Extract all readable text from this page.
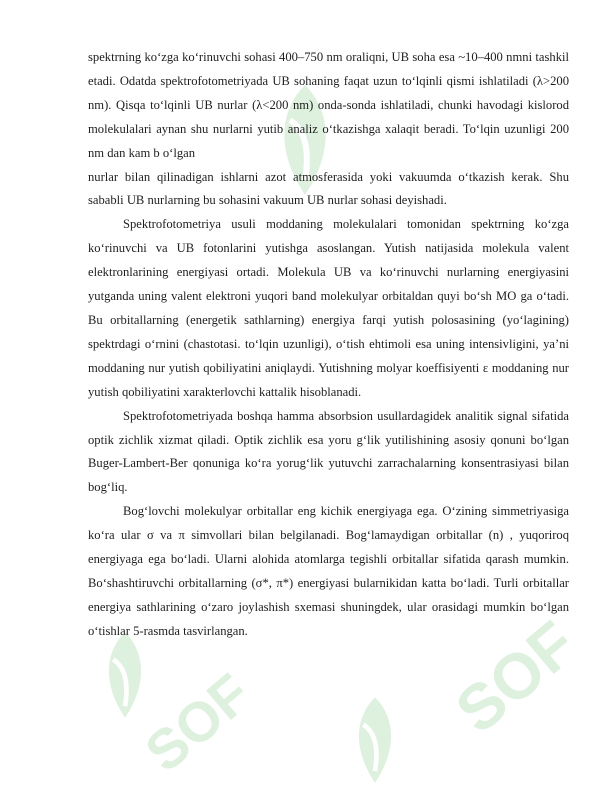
SOF
SOF

spektrning ko‘zga ko‘rinuvchi sohasi 400–750 nm oraliqni, UB soha esa ~10–400 nmni tashkil etadi. Odatda spektrofotometriyada UB sohaning faqat uzun to‘lqinli qismi ishlatiladi (λ>200 nm). Qisqa to‘lqinli UB nurlar (λ<200 nm) onda-sonda ishlatiladi, chunki havodagi kislorod molekulalari aynan shu nurlarni yutib analiz o‘tkazishga xalaqit beradi. To‘lqin uzunligi 200 nm dan kam b o‘lgan

nurlar bilan qilinadigan ishlarni azot atmosferasida yoki vakuumda o‘tkazish kerak. Shu sababli UB nurlarning bu sohasini vakuum UB nurlar sohasi deyishadi.

Spektrofotometriya usuli moddaning molekulalari tomonidan spektrning ko‘zga ko‘rinuvchi va UB fotonlarini yutishga asoslangan. Yutish natijasida molekula valent elektronlarining energiyasi ortadi. Molekula UB va ko‘rinuvchi nurlarning energiyasini yutganda uning valent elektroni yuqori band molekulyar orbitaldan quyi bo‘sh MO ga o‘tadi. Bu orbitallarning (energetik sathlarning) energiya farqi yutish polosasining (yo‘lagining) spektrdagi o‘rnini (chastotasi. to‘lqin uzunligi), o‘tish ehtimoli esa uning intensivligini, ya’ni moddaning nur yutish qobiliyatini aniqlaydi. Yutishning molyar koeffisiyenti ε moddaning nur yutish qobiliyatini xarakterlovchi kattalik hisoblanadi.

Spektrofotometriyada boshqa hamma absorbsion usullardagidek analitik signal sifatida optik zichlik xizmat qiladi. Optik zichlik esa yoru g‘lik yutilishining asosiy qonuni bo‘lgan Buger-Lambert-Ber qonuniga ko‘ra yorug‘lik yutuvchi zarrachalarning konsentrasiyasi bilan bog‘liq.

Bog‘lovchi molekulyar orbitallar eng kichik energiyaga ega. O‘zining simmetriyasiga ko‘ra ular σ va π simvollari bilan belgilanadi. Bog‘lamaydigan orbitallar (n) , yuqoriroq energiyaga ega bo‘ladi. Ularni alohida atomlarga tegishli orbitallar sifatida qarash mumkin. Bo‘shashtiruvchi orbitallarning (σ*, π*) energiyasi bularnikidan katta bo‘ladi. Turli orbitallar energiya sathlarining o‘zaro joylashish sxemasi shuningdek, ular orasidagi mumkin bo‘lgan o‘tishlar 5-rasmda tasvirlangan.
